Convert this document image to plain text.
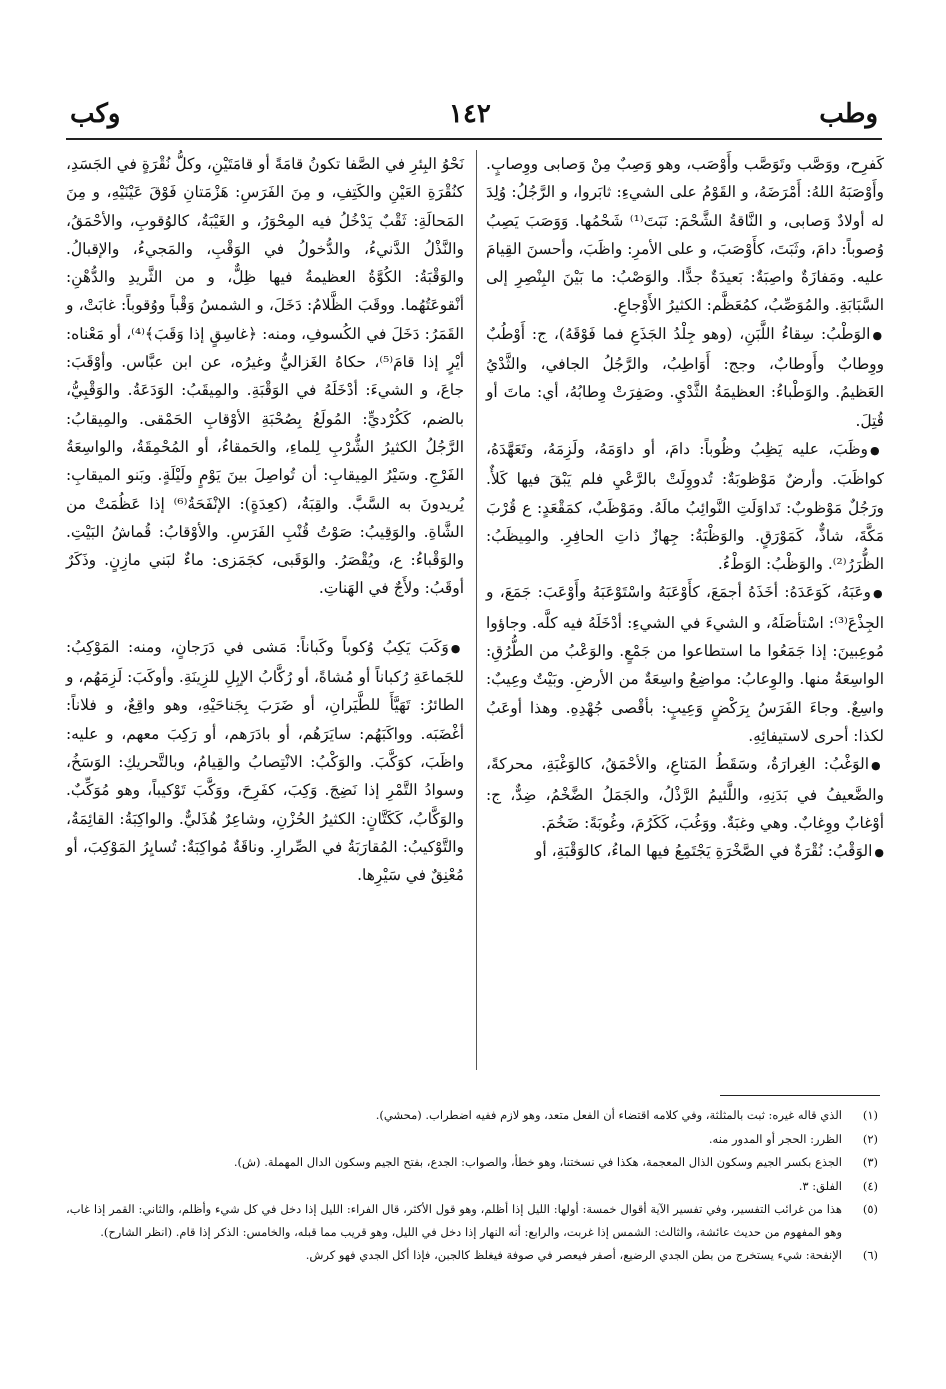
وطب
١٤٢
وكب

كَفرِح، ووَصَّب وتَوَصَّب وأَوْصَب، وهو وَصِبٌ مِنْ وَصابى ووِصابٍ. وأَوْصَبَهُ اللهُ: أَمْرَضَهُ، و القَوْمُ على الشيءِ: ثابَروا، و الرَّجُلُ: وُلِدَ له أولادٌ وَصابى، و النَّاقةُ الشَّحْمَ: نَبَتَ⁽¹⁾ شَحْمُها. وَوَصَبَ يَصِبُ وُصوباً: دامَ، وثَبَتَ، كأَوْصَبَ، و على الأمرِ: واظَبَ، وأحسنَ القِيامَ عليه. ومَفازَةٌ واصِبَةٌ: بَعيدَةٌ جدًّا. والوَصْبُ: ما بَيْنَ البِنْصِرِ إلى السَّبَابَةِ. والمُوَصِّبُ، كمُعَظَّم: الكثيرُ الأَوْجاعِ.

● الوَطْبُ: سِقاءُ اللَّبَنِ، (وهو جِلْدُ الجَذَعِ فما فَوْقَهُ)، ج: أَوْطُبٌ ووِطابٌ وأَوطابٌ، وجج: أَوَاطِبُ، والرَّجُلُ الجافي، والثَّدْيُ العَظيمُ. والوَطْباءُ: العظيمَةُ الثَّدْيِ. وصَفِرَتْ وِطابُهُ، أي: ماتَ أو قُتِلَ.

● وظَبَ، عليه يَظِبُ وظُوباً: دامَ، أو داوَمَهُ، ولَزِمَهُ، وتَعَهَّدَهُ، كواظَبَ. وأرضٌ مَوْظوبَةٌ: تُدووِلَتْ بالرَّعْيِ فلم يَبْقَ فيها كَلأٌ. ورَجُلٌ مَوْظوبٌ: تَداوَلَتِ النَّوائِبُ مالَهُ. ومَوْظَبٌ، كمَقْعَدٍ: ع قُرْبَ مَكَّةَ، شاذٌّ، كَمَوْرَقٍ. والوَظْبَةُ: جِهازٌ ذاتِ الحافِرِ. والمِيظَبُ: الظُّرَرُ⁽²⁾. والوَظْبُ: الوَطْءُ.

● وعَبَهُ، كَوَعَدَهُ: أخَذَهُ أجمَعَ، كأَوْعَبَهُ واسْتَوْعَبَهُ وأَوْعَبَ: جَمَعَ، و الجِذْعَ⁽³⁾: اسْتأصَلَهُ، و الشيءَ في الشيءِ: أدْخَلَهُ فيه كلَّه. وجاؤوا مُوعِبينَ: إذا جَمَعُوا ما استطاعوا من جَمْعٍ. والوَعْبُ من الطُّرُقِ: الواسِعَةُ منها. والوِعابُ: مواضِعُ واسِعَةٌ من الأرضِ. وبَيْتٌ وعِيبٌ: واسِعٌ. وجاءَ الفَرَسُ بِرَكْضٍ وَعِيبٍ: بأقْصى جُهْدِهِ. وهذا أوعَبُ لكذا: أحرى لاستيفائِهِ.

● الوَغْبُ: الغِرارَةُ، وسَقَطُ المَتاعِ، والأحْمَقُ، كالوَغْبَةِ، محركةً، والضَّعيفُ في بَدَنِهِ، واللَّئيمُ الرَّذْلُ، والجَمَلُ الضَّخْمُ، ضِدٌّ، ج: أوْغابٌ ووِغابٌ. وهي وغبَةٌ. ووَغُبَ، كَكَرُمَ، وغُوبَةً: ضَخُمَ.

● الوَقْبُ: نُقْرَةٌ في الصَّخْرَةِ يَجْتَمِعُ فيها الماءُ، كالوَقْبَةِ، أو

نَحْوُ البِئرِ في الصَّفا تكونُ قامَةً أو قامَتَيْنِ، وكلُّ نُقْرَةٍ في الجَسَدِ، كنُقْرَةِ العَيْنِ والكَتِفِ، و مِنَ الفَرَسِ: هَزْمَتانِ فَوْقَ عَيْنَيْهِ، و مِنَ المَحالَةِ: ثَقْبٌ يَدْخُلُ فيه المِحْوَرُ، و الغَيْبَةُ، كالوُقوبِ، والأحْمَقُ، والنَّذْلُ الدَّنيءُ، والدُّخولُ في الوَقْبِ، والمَجيءُ، والإقبالُ. والوَقْبَةُ: الكُوَّةُ العظيمةُ فيها ظِلٌّ، و من الثَّريدِ والدُّهْنِ: أنْقوعَتُهُما. ووقَبَ الظَّلامُ: دَخَلَ، و الشمسُ وَقْباً ووُقوباً: غابَتْ، و القَمَرُ: دَخَلَ في الكُسوفِ، ومنه: ﴿غاسِقٍ إذا وَقَبَ﴾⁽⁴⁾، أو مَعْناه: أيْرٍ إذا قامَ⁽⁵⁾، حكاهُ الغَزاليُّ وغيرُه، عن ابن عبَّاس. وأوْقَبَ: جاعَ، و الشيءَ: أدْخَلَهُ في الوَقْبَةِ. والمِيقَبُ: الوَدَعَةُ. والوَقْبِيُّ، بالضم، كَكُرْديٍّ: المُولَعُ بِصُحْبَةِ الأوْقابِ الحَمْقى. والمِيقابُ: الرَّجُلُ الكثيرُ الشُّرْبِ لِلماءِ، والحَمقاءُ، أو المُحْمِقَةُ، والواسِعَةُ الفَرْجِ. وسَيْرُ المِيقابِ: أن تُواصِلَ بينَ يَوْمٍ ولَيْلَةٍ. وبَنو الميقابِ: يُريدونَ به السَّبَّ. والقِبَةُ، (كعِدَةٍ): الإنْفَحَةُ⁽⁶⁾ إذا عَظُمَتْ من الشَّاةِ. والوَقِيبُ: صَوْتُ قُنْبِ الفَرَسِ. والأوْقابُ: قُماشُ البَيْتِ. والوَقْباءُ: ع، ويُقْصَرُ. والوَقَبى، كجَمَزى: ماءٌ لبَني مازِنٍ. وذَكَرٌ أوقَبُ: ولأَجٌ في الهَناتِ.

● وَكَبَ يَكِبُ وُكوباً وكَباناً: مَشى في دَرَجانٍ، ومنه: المَوْكِبُ: للجَماعَةِ رُكباناً أو مُشاةً، أو رُكَّابُ الإبِلِ للزِينَةِ. وأوكَبَ: لَزِمَهُم، و الطائرُ: تَهَيَّأَ للطَّيَرانِ، أو ضَرَبَ بِجَناحَيْهِ، وهو واقِعٌ، و فلاناً: أغْضَبَه. وواكَبَهُم: سايَرَهُم، أو بادَرَهم، أو رَكِبَ معهم، و عليه: واظَبَ، كوَكَّبَ. والوَكْبُ: الانْتِصابُ والقِيامُ، وبالتَّحريكِ: الوَسَخُ، وسوادُ التَّمْرِ إذا نَضِجَ. وَكِبَ، كفَرِحَ، ووَكَّبَ تَوْكيباً، وهو مُوَكِّبٌ. والوَكَّابُ، كَكَتَّانٍ: الكثيرُ الحُزْنِ، وشاعِرٌ هُذَليٌّ. والواكِبَةُ: القائِمَةُ، والتَّوْكيبُ: المُقارَبَةُ في الصِّرارِ. وناقَةٌ مُواكِبَةٌ: تُسايِرُ المَوْكِبَ، أو مُعْنِقٌ في سَيْرِها.

(١)
الذي قاله غيره: ثبت بالمثلثة، وفي كلامه اقتضاء أن الفعل متعد، وهو لازم ففيه اضطراب. (محشي).
(٢)
الظرر: الحجر أو المدور منه.
(٣)
الجذع بكسر الجيم وسكون الذال المعجمة، هكذا في نسختنا، وهو خطأ، والصواب: الجدع، بفتح الجيم وسكون الدال المهملة. (ش).
(٤)
الفلق: ٣.
(٥)
هذا من غرائب التفسير، وفي تفسير الآية أقوال خمسة: أولها: الليل إذا أظلم، وهو قول الأكثر، قال الفراء: الليل إذا دخل في كل شيء وأظلم، والثاني: القمر إذا غاب، وهو المفهوم من حديث عائشة، والثالث: الشمس إذا غربت، والرابع: أنه النهار إذا دخل في الليل، وهو قريب مما قبله، والخامس: الذكر إذا قام. (انظر الشارح).
(٦)
الإنفحة: شيء يستخرج من بطن الجدي الرضيع، أصفر فيعصر في صوفة فيغلظ كالجبن، فإذا أكل الجدي فهو كرش.
